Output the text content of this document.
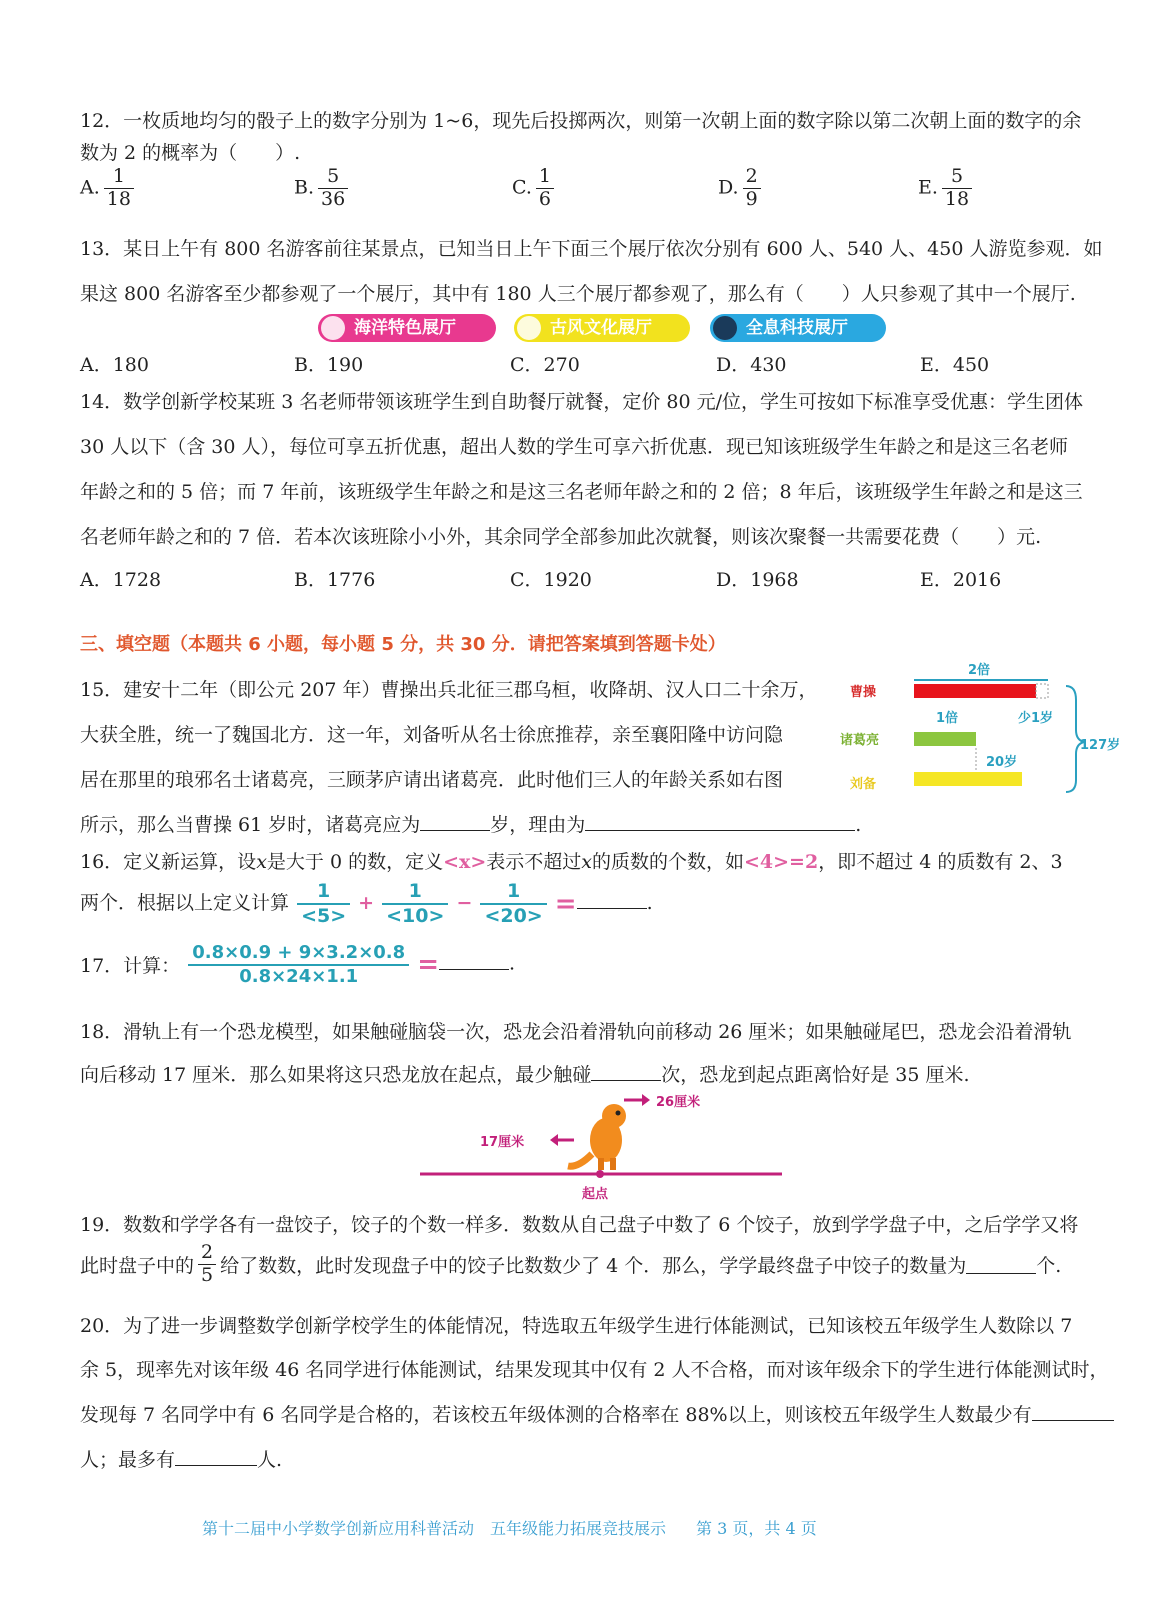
12．一枚质地均匀的骰子上的数字分别为 1~6，现先后投掷两次，则第一次朝上面的数字除以第二次朝上面的数字的余
数为 2 的概率为（　　）.
A. $\frac{1}{18}$	B. $\frac{5}{36}$	C. $\frac{1}{6}$	D. $\frac{2}{9}$	E. $\frac{5}{18}$
13．某日上午有 800 名游客前往某景点，已知当日上午下面三个展厅依次分别有 600 人、540 人、450 人游览参观．如
果这 800 名游客至少都参观了一个展厅，其中有 180 人三个展厅都参观了，那么有（　　）人只参观了其中一个展厅.
海洋特色展厅	古风文化展厅	全息科技展厅
A．180	B．190	C．270	D．430	E．450
14．数学创新学校某班 3 名老师带领该班学生到自助餐厅就餐，定价 80 元/位，学生可按如下标准享受优惠：学生团体
30 人以下（含 30 人），每位可享五折优惠，超出人数的学生可享六折优惠．现已知该班级学生年龄之和是这三名老师
年龄之和的 5 倍；而 7 年前，该班级学生年龄之和是这三名老师年龄之和的 2 倍；8 年后，该班级学生年龄之和是这三
名老师年龄之和的 7 倍．若本次该班除小小外，其余同学全部参加此次就餐，则该次聚餐一共需要花费（　　）元.
A．1728	B．1776	C．1920	D．1968	E．2016
三、填空题（本题共 6 小题，每小题 5 分，共 30 分．请把答案填到答题卡处）
15．建安十二年（即公元 207 年）曹操出兵北征三郡乌桓，收降胡、汉人口二十余万，
大获全胜，统一了魏国北方．这一年，刘备听从名士徐庶推荐，亲至襄阳隆中访问隐
居在那里的琅邪名士诸葛亮，三顾茅庐请出诸葛亮．此时他们三人的年龄关系如右图
所示，那么当曹操 61 岁时，诸葛亮应为	岁，理由为	.
曹操
诸葛亮
刘备
2倍
1倍	少1岁
20岁
127岁
16．定义新运算，设x是大于 0 的数，定义<x>表示不超过x的质数的个数，如<4>=2，即不超过 4 的质数有 2、3
两个．根据以上定义计算 $\frac{1}{<5>} + \frac{1}{<10>} - \frac{1}{<20>}$ =	.
17．计算： $\frac{0.8\times 0.9 + 9\times 3.2\times 0.8}{0.8\times 24\times 1.1}$ =	.
18．滑轨上有一个恐龙模型，如果触碰脑袋一次，恐龙会沿着滑轨向前移动 26 厘米；如果触碰尾巴，恐龙会沿着滑轨
向后移动 17 厘米．那么如果将这只恐龙放在起点，最少触碰	次，恐龙到起点距离恰好是 35 厘米.
26厘米
17厘米
起点
19．数数和学学各有一盘饺子，饺子的个数一样多．数数从自己盘子中数了 6 个饺子，放到学学盘子中，之后学学又将
此时盘子中的 $\frac{2}{5}$ 给了数数，此时发现盘子中的饺子比数数少了 4 个．那么，学学最终盘子中饺子的数量为	个.
20．为了进一步调整数学创新学校学生的体能情况，特选取五年级学生进行体能测试，已知该校五年级学生人数除以 7
余 5，现率先对该年级 46 名同学进行体能测试，结果发现其中仅有 2 人不合格，而对该年级余下的学生进行体能测试时，
发现每 7 名同学中有 6 名同学是合格的，若该校五年级体测的合格率在 88%以上，则该校五年级学生人数最少有
人；最多有	人.
第十二届中小学数学创新应用科普活动　五年级能力拓展竞技展示 第 3 页，共 4 页
